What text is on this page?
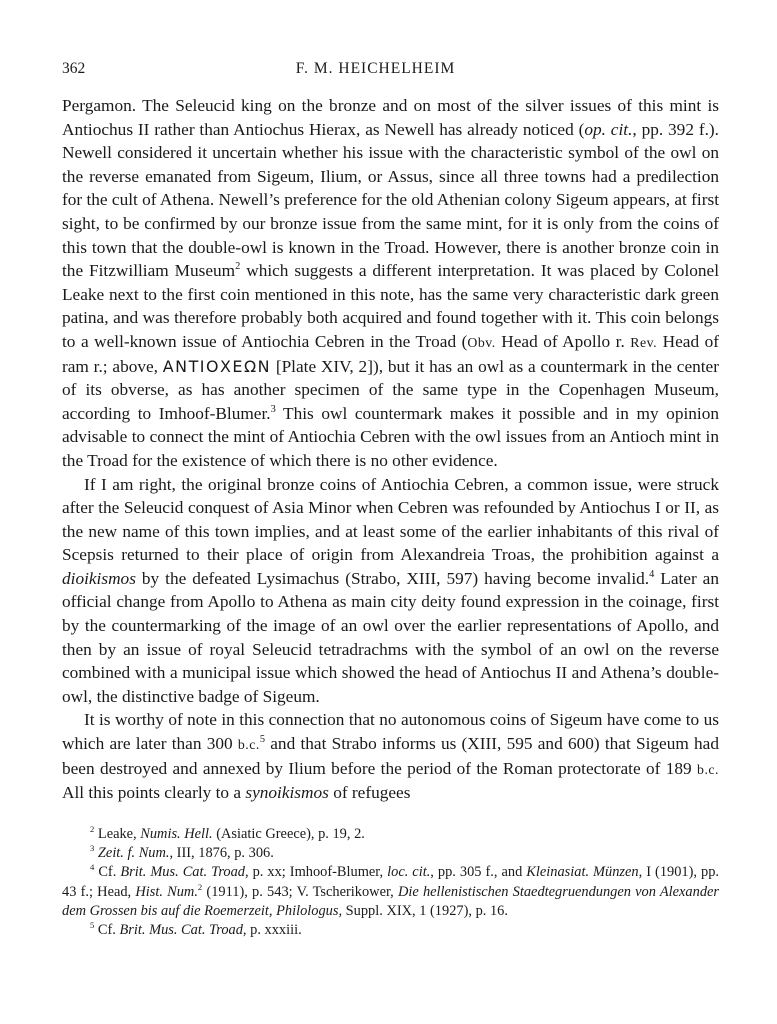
362	F. M. HEICHELHEIM

Pergamon. The Seleucid king on the bronze and on most of the silver issues of this mint is Antiochus II rather than Antiochus Hierax, as Newell has already noticed (op. cit., pp. 392 f.). Newell considered it uncertain whether his issue with the characteristic symbol of the owl on the reverse emanated from Sigeum, Ilium, or Assus, since all three towns had a predilection for the cult of Athena. Newell’s preference for the old Athenian colony Sigeum appears, at first sight, to be confirmed by our bronze issue from the same mint, for it is only from the coins of this town that the double-owl is known in the Troad. However, there is another bronze coin in the Fitzwilliam Museum$^2$ which suggests a different interpretation. It was placed by Colonel Leake next to the first coin mentioned in this note, has the same very characteristic dark green patina, and was therefore probably both acquired and found together with it. This coin belongs to a well-known issue of Antiochia Cebren in the Troad (Obv. Head of Apollo r. Rev. Head of ram r.; above, ΑΝΤΙΟΧΕΩΝ [Plate XIV, 2]), but it has an owl as a countermark in the center of its obverse, as has another specimen of the same type in the Copenhagen Museum, according to Imhoof-Blumer.$^3$ This owl countermark makes it possible and in my opinion advisable to connect the mint of Antiochia Cebren with the owl issues from an Antioch mint in the Troad for the existence of which there is no other evidence.

If I am right, the original bronze coins of Antiochia Cebren, a common issue, were struck after the Seleucid conquest of Asia Minor when Cebren was refounded by Antiochus I or II, as the new name of this town implies, and at least some of the earlier inhabitants of this rival of Scepsis returned to their place of origin from Alexandreia Troas, the prohibition against a dioikismos by the defeated Lysimachus (Strabo, XIII, 597) having become invalid.$^4$ Later an official change from Apollo to Athena as main city deity found expression in the coinage, first by the countermarking of the image of an owl over the earlier representations of Apollo, and then by an issue of royal Seleucid tetradrachms with the symbol of an owl on the reverse combined with a municipal issue which showed the head of Antiochus II and Athena’s double-owl, the distinctive badge of Sigeum.

It is worthy of note in this connection that no autonomous coins of Sigeum have come to us which are later than 300 b.c.$^5$ and that Strabo informs us (XIII, 595 and 600) that Sigeum had been destroyed and annexed by Ilium before the period of the Roman protectorate of 189 b.c. All this points clearly to a synoikismos of refugees

$^2$ Leake, Numis. Hell. (Asiatic Greece), p. 19, 2.

$^3$ Zeit. f. Num., III, 1876, p. 306.

$^4$ Cf. Brit. Mus. Cat. Troad, p. xx; Imhoof-Blumer, loc. cit., pp. 305 f., and Kleinasiat. Münzen, I (1901), pp. 43 f.; Head, Hist. Num.$^2$ (1911), p. 543; V. Tscherikower, Die hellenistischen Staedtegruendungen von Alexander dem Grossen bis auf die Roemerzeit, Philologus, Suppl. XIX, 1 (1927), p. 16.

$^5$ Cf. Brit. Mus. Cat. Troad, p. xxxiii.
